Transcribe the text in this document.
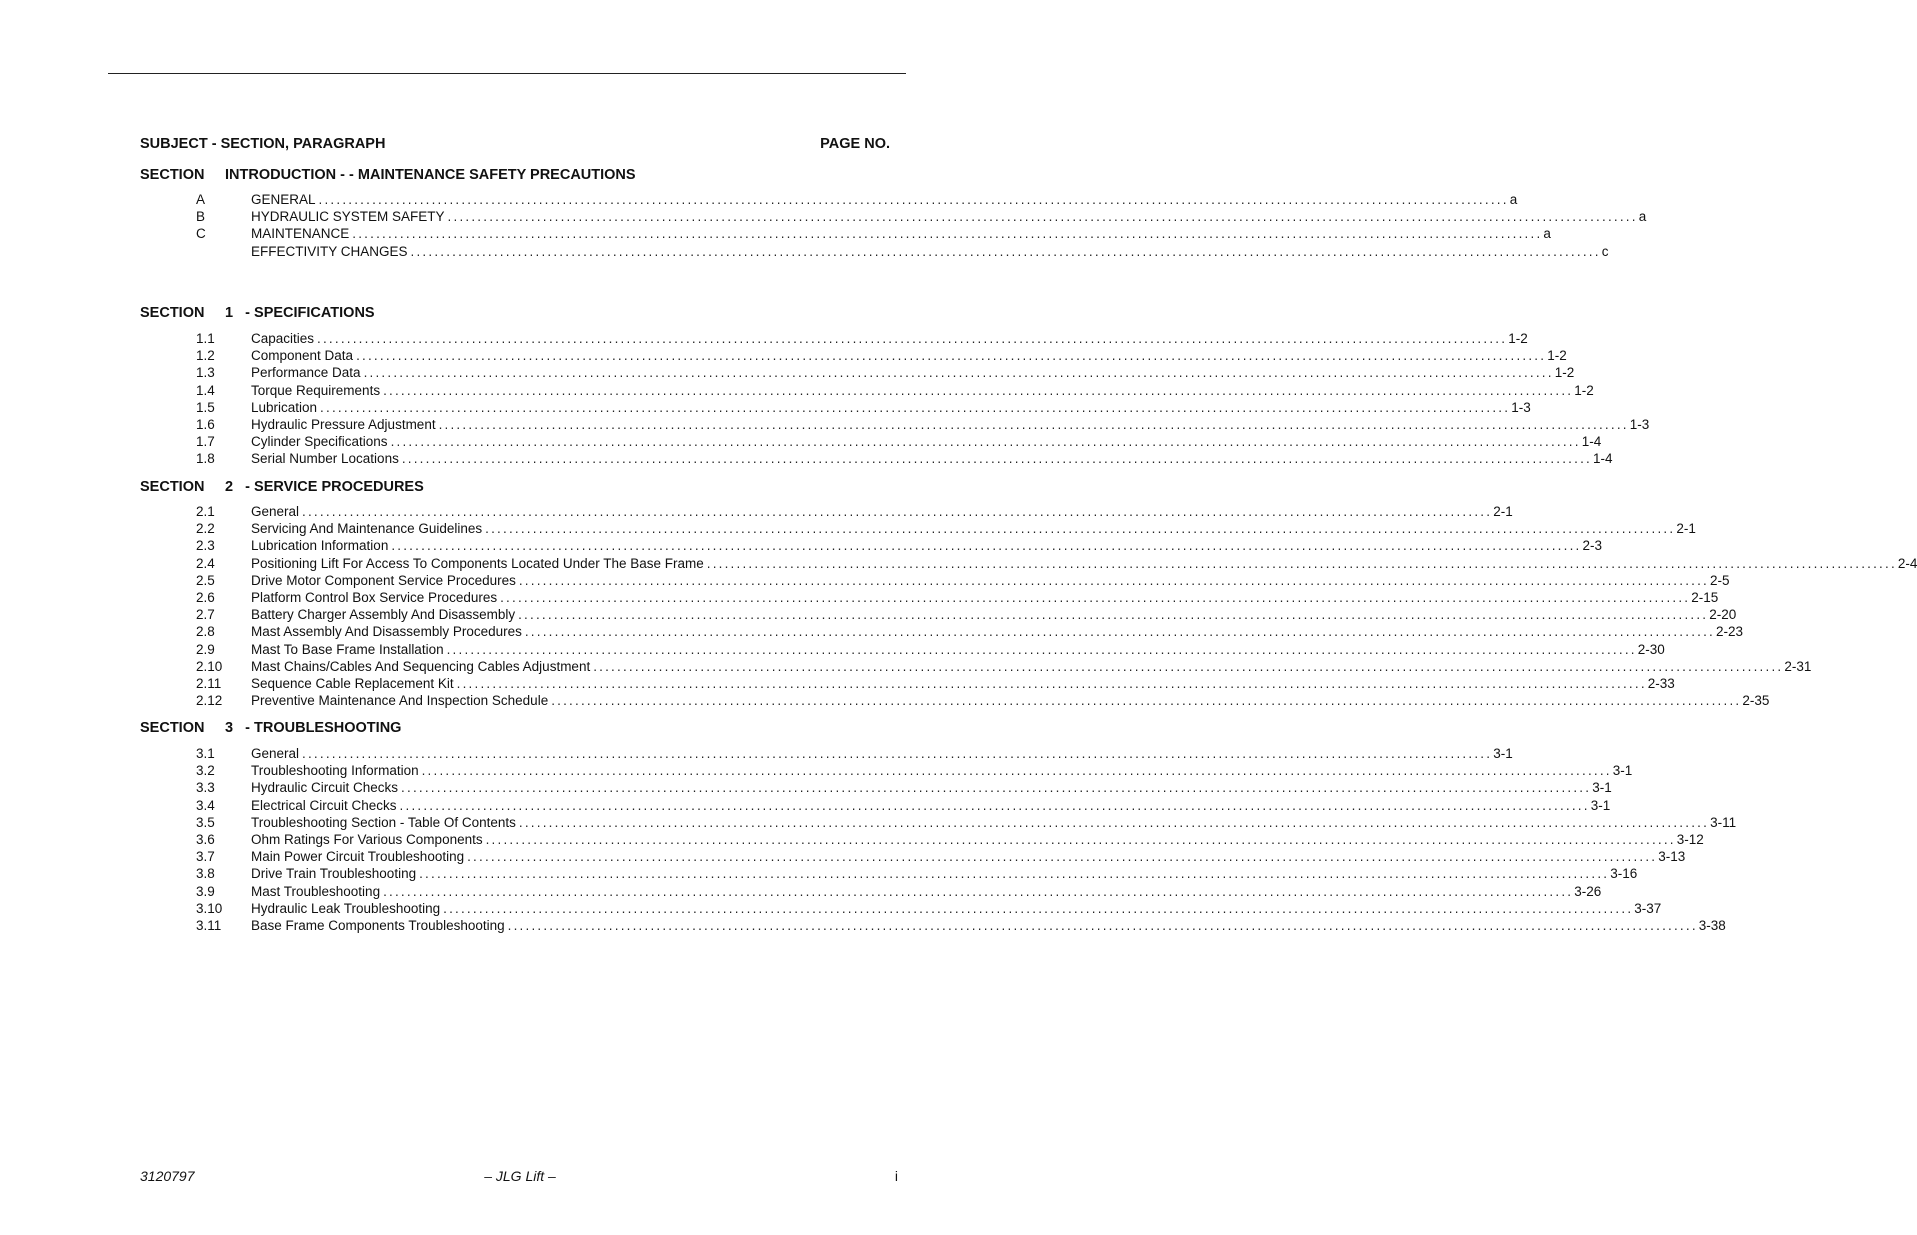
SUBJECT - SECTION, PARAGRAPH	PAGE NO.
SECTION INTRODUCTION - - MAINTENANCE SAFETY PRECAUTIONS
A	GENERAL ........................................................................................................................................................................................................ a
B	HYDRAULIC SYSTEM SAFETY ........................................................................................................................................................................................................ a
C	MAINTENANCE ........................................................................................................................................................................................................ a
EFFECTIVITY CHANGES ........................................................................................................................................................................................................ c
SECTION 1 - SPECIFICATIONS
1.1	Capacities ........................................................................................................................................................................................................ 1-2
1.2	Component Data ........................................................................................................................................................................................................ 1-2
1.3	Performance Data ........................................................................................................................................................................................................ 1-2
1.4	Torque Requirements ........................................................................................................................................................................................................ 1-2
1.5	Lubrication ........................................................................................................................................................................................................ 1-3
1.6	Hydraulic Pressure Adjustment ........................................................................................................................................................................................................ 1-3
1.7	Cylinder Specifications ........................................................................................................................................................................................................ 1-4
1.8	Serial Number Locations ........................................................................................................................................................................................................ 1-4
SECTION 2 - SERVICE PROCEDURES
2.1	General ........................................................................................................................................................................................................ 2-1
2.2	Servicing And Maintenance Guidelines ........................................................................................................................................................................................................ 2-1
2.3	Lubrication Information ........................................................................................................................................................................................................ 2-3
2.4	Positioning Lift For Access To Components Located Under The Base Frame ........................................................................................................................................................................................................ 2-4
2.5	Drive Motor Component Service Procedures ........................................................................................................................................................................................................ 2-5
2.6	Platform Control Box Service Procedures ........................................................................................................................................................................................................ 2-15
2.7	Battery Charger Assembly And Disassembly ........................................................................................................................................................................................................ 2-20
2.8	Mast Assembly And Disassembly Procedures ........................................................................................................................................................................................................ 2-23
2.9	Mast To Base Frame Installation ........................................................................................................................................................................................................ 2-30
2.10	Mast Chains/Cables And Sequencing Cables Adjustment ........................................................................................................................................................................................................ 2-31
2.11	Sequence Cable Replacement Kit ........................................................................................................................................................................................................ 2-33
2.12	Preventive Maintenance And Inspection Schedule ........................................................................................................................................................................................................ 2-35
SECTION 3 - TROUBLESHOOTING
3.1	General ........................................................................................................................................................................................................ 3-1
3.2	Troubleshooting Information ........................................................................................................................................................................................................ 3-1
3.3	Hydraulic Circuit Checks ........................................................................................................................................................................................................ 3-1
3.4	Electrical Circuit Checks ........................................................................................................................................................................................................ 3-1
3.5	Troubleshooting Section - Table Of Contents ........................................................................................................................................................................................................ 3-11
3.6	Ohm Ratings For Various Components ........................................................................................................................................................................................................ 3-12
3.7	Main Power Circuit Troubleshooting ........................................................................................................................................................................................................ 3-13
3.8	Drive Train Troubleshooting ........................................................................................................................................................................................................ 3-16
3.9	Mast Troubleshooting ........................................................................................................................................................................................................ 3-26
3.10	Hydraulic Leak Troubleshooting ........................................................................................................................................................................................................ 3-37
3.11	Base Frame Components Troubleshooting ........................................................................................................................................................................................................ 3-38
3120797	– JLG Lift –	i
